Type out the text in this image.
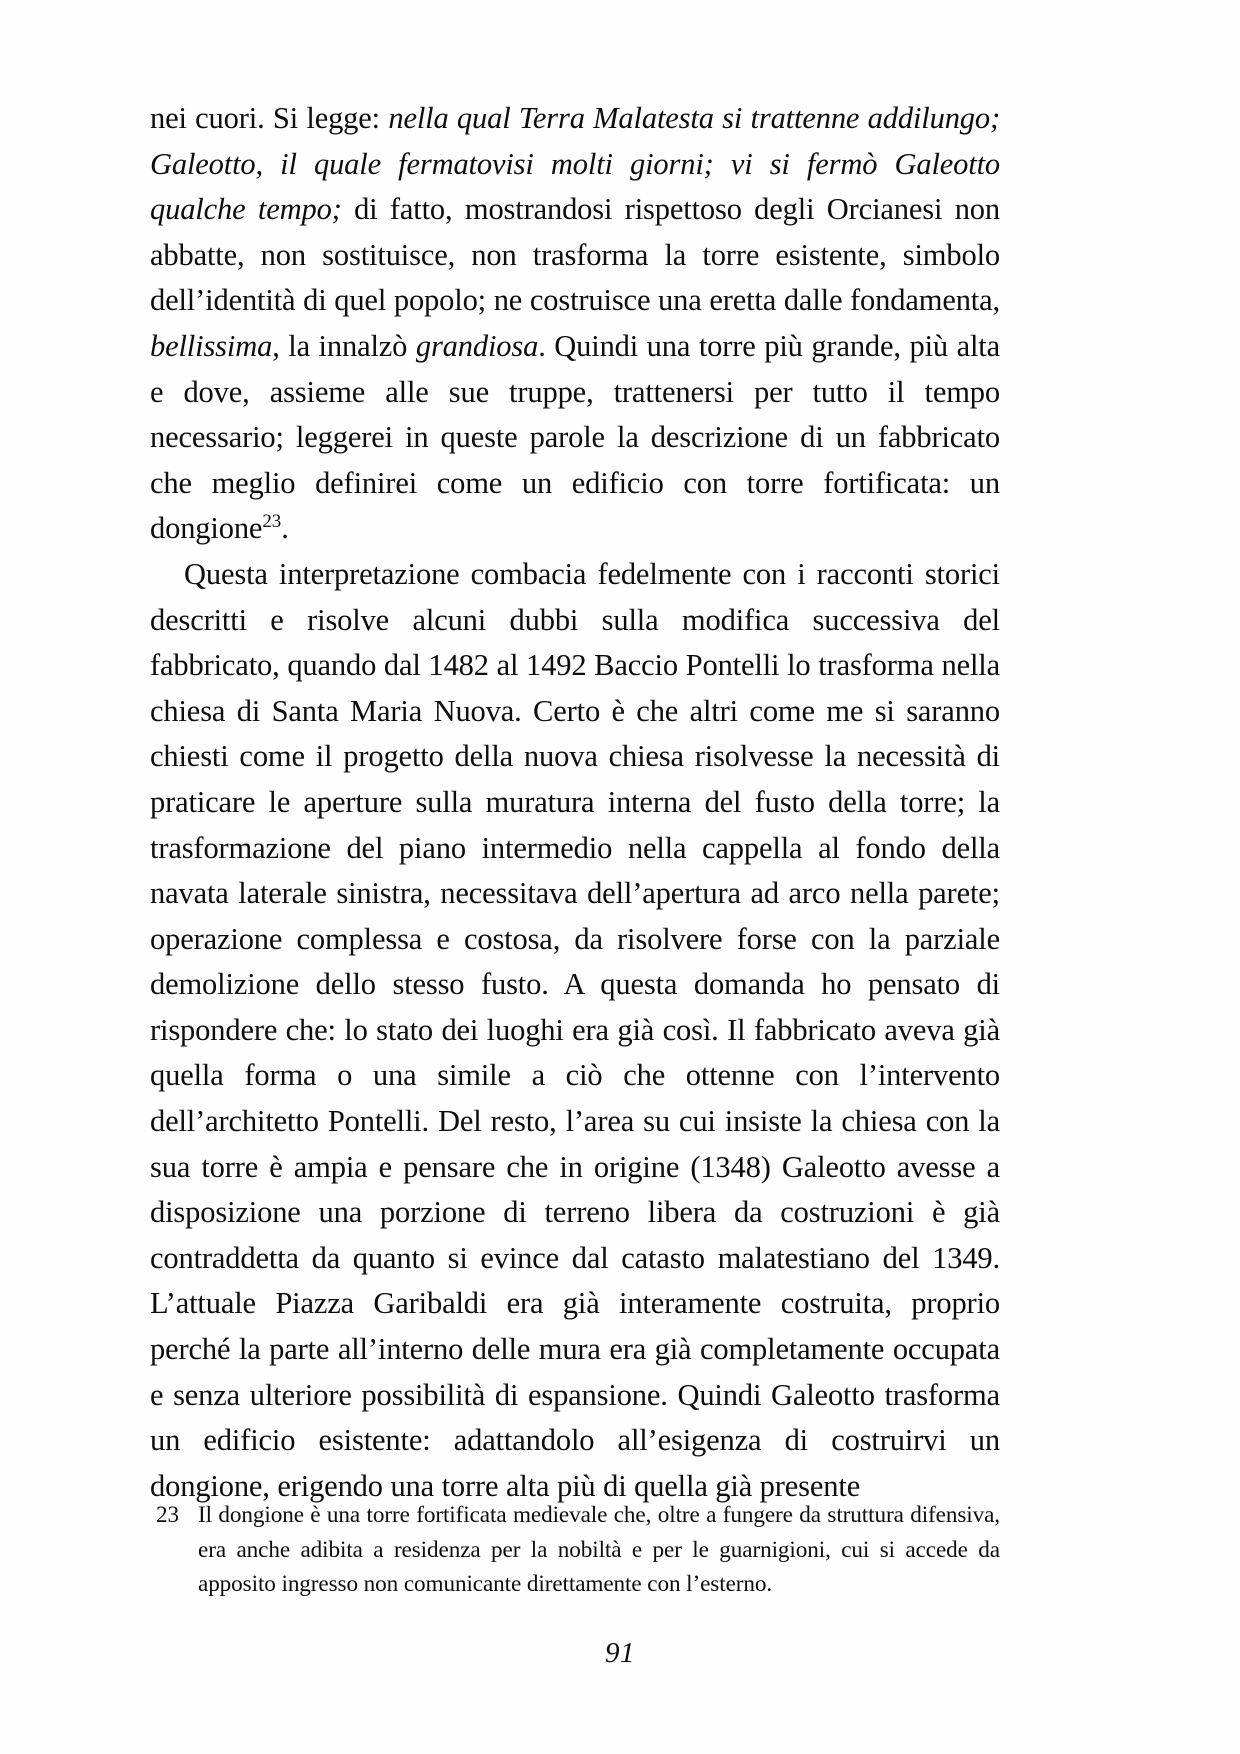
nei cuori. Si legge: nella qual Terra Malatesta si trattenne addilungo; Galeotto, il quale fermatovisi molti giorni; vi si fermò Galeotto qualche tempo; di fatto, mostrandosi rispettoso degli Orcianesi non abbatte, non sostituisce, non trasforma la torre esistente, simbolo dell’identità di quel popolo; ne costruisce una eretta dalle fondamenta, bellissima, la innalzò grandiosa. Quindi una torre più grande, più alta e dove, assieme alle sue truppe, trattenersi per tutto il tempo necessario; leggerei in queste parole la descrizione di un fabbricato che meglio definirei come un edificio con torre fortificata: un dongione$^{23}$.

Questa interpretazione combacia fedelmente con i racconti storici descritti e risolve alcuni dubbi sulla modifica successiva del fabbricato, quando dal 1482 al 1492 Baccio Pontelli lo trasforma nella chiesa di Santa Maria Nuova. Certo è che altri come me si saranno chiesti come il progetto della nuova chiesa risolvesse la necessità di praticare le aperture sulla muratura interna del fusto della torre; la trasformazione del piano intermedio nella cappella al fondo della navata laterale sinistra, necessitava dell’apertura ad arco nella parete; operazione complessa e costosa, da risolvere forse con la parziale demolizione dello stesso fusto. A questa domanda ho pensato di rispondere che: lo stato dei luoghi era già così. Il fabbricato aveva già quella forma o una simile a ciò che ottenne con l’intervento dell’architetto Pontelli. Del resto, l’area su cui insiste la chiesa con la sua torre è ampia e pensare che in origine (1348) Galeotto avesse a disposizione una porzione di terreno libera da costruzioni è già contraddetta da quanto si evince dal catasto malatestiano del 1349. L’attuale Piazza Garibaldi era già interamente costruita, proprio perché la parte all’interno delle mura era già completamente occupata e senza ulteriore possibilità di espansione. Quindi Galeotto trasforma un edificio esistente: adattandolo all’esigenza di costruirvi un dongione, erigendo una torre alta più di quella già presente

23 Il dongione è una torre fortificata medievale che, oltre a fungere da struttura difensiva, era anche adibita a residenza per la nobiltà e per le guarnigioni, cui si accede da apposito ingresso non comunicante direttamente con l’esterno.

91
